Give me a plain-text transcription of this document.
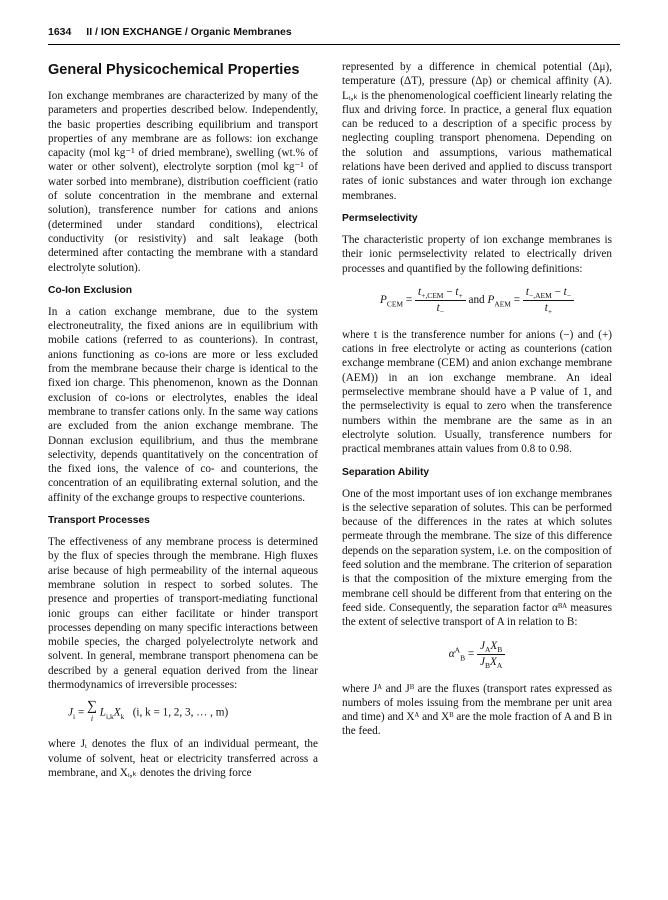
1634 II / ION EXCHANGE / Organic Membranes
General Physicochemical Properties

Ion exchange membranes are characterized by many of the parameters and properties described below. Independently, the basic properties describing equilibrium and transport properties of any membrane are as follows: ion exchange capacity (mol kg⁻¹ of dried membrane), swelling (wt.% of water or other solvent), electrolyte sorption (mol kg⁻¹ of water sorbed into membrane), distribution coefficient (ratio of solute concentration in the membrane and external solution), transference number for cations and anions (determined under standard conditions), electrical conductivity (or resistivity) and salt leakage (both determined after contacting the membrane with a standard electrolyte solution).

Co-Ion Exclusion

In a cation exchange membrane, due to the system electroneutrality, the fixed anions are in equilibrium with mobile cations (referred to as counterions). In contrast, anions functioning as co-ions are more or less excluded from the membrane because their charge is identical to the fixed ion charge. This phenomenon, known as the Donnan exclusion of co-ions or electrolytes, enables the ideal membrane to transfer cations only. In the same way cations are excluded from the anion exchange membrane. The Donnan exclusion equilibrium, and thus the membrane selectivity, depends quantitatively on the concentration of the fixed ions, the valence of co- and counterions, the concentration of an equilibrating external solution, and the affinity of the exchange groups to respective counterions.

Transport Processes

The effectiveness of any membrane process is determined by the flux of species through the membrane. High fluxes arise because of high permeability of the internal aqueous membrane solution in respect to sorbed solutes. The presence and properties of transport-mediating functional ionic groups can either facilitate or hinder transport processes depending on many specific interactions between mobile species, the charged polyelectrolyte network and solvent. In general, membrane transport phenomena can be described by a general equation derived from the linear thermodynamics of irreversible processes:

$J_i$ = ∑
i $L_{i,k}X_k$ (i, k = 1, 2, 3, … , m)

where Jᵢ denotes the flux of an individual permeant, the volume of solvent, heat or electricity transferred across a membrane, and Xᵢ,ₖ denotes the driving force

represented by a difference in chemical potential (Δμ), temperature (ΔT), pressure (Δp) or chemical affinity (A). Lᵢ,ₖ is the phenomenological coefficient linearly relating the flux and driving force. In practice, a general flux equation can be reduced to a description of a specific process by neglecting coupling transport phenomena. Depending on the solution and assumptions, various mathematical relations have been derived and applied to discuss transport rates of ionic substances and water through ion exchange membranes.

Permselectivity

The characteristic property of ion exchange membranes is their ionic permselectivity related to electrically driven processes and quantified by the following definitions:

$P_{CEM} = \frac{t_{+,CEM} - t_+}{t_-}$ and $P_{AEM} = \frac{t_{-,AEM} - t_-}{t_+}$

where t is the transference number for anions (−) and (+) cations in free electrolyte or acting as counterions (cation exchange membrane (CEM) and anion exchange membrane (AEM)) in an ion exchange membrane. An ideal permselective membrane should have a P value of 1, and the permselectivity is equal to zero when the transference numbers within the membrane are the same as in an electrolyte solution. Usually, transference numbers for practical membranes attain values from 0.8 to 0.98.

Separation Ability

One of the most important uses of ion exchange membranes is the selective separation of solutes. This can be performed because of the differences in the rates at which solutes permeate through the membrane. The size of this difference depends on the separation system, i.e. on the composition of feed solution and the membrane. The criterion of separation is that the composition of the mixture emerging from the membrane cell should be different from that entering on the feed side. Consequently, the separation factor αᴮᴬ measures the extent of selective transport of A in relation to B:

$\alpha^A_B = \frac{J_AX_B}{J_BX_A}$

where Jᴬ and Jᴮ are the fluxes (transport rates expressed as numbers of moles issuing from the membrane per unit area and time) and Xᴬ and Xᴮ are the mole fraction of A and B in the feed.
